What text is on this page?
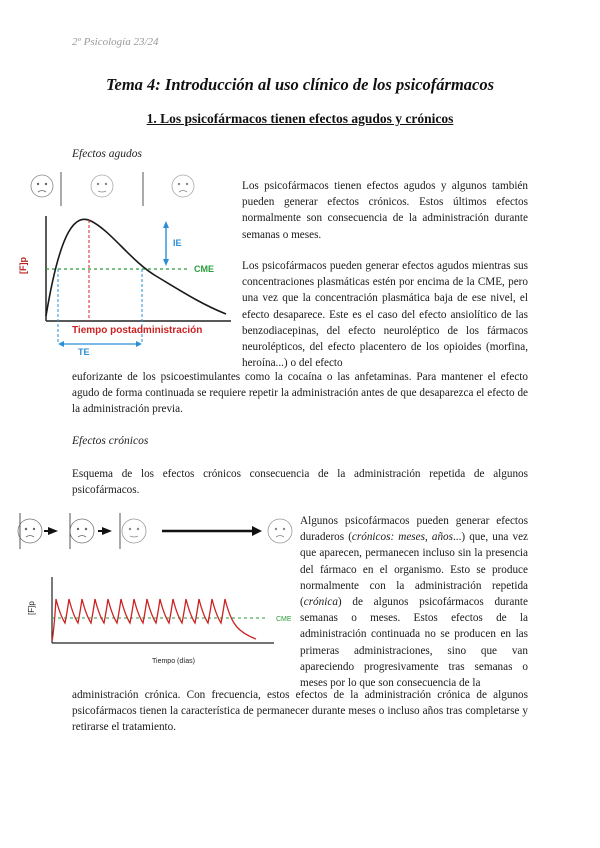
2º Psicología 23/24
Tema 4: Introducción al uso clínico de los psicofármacos
1. Los psicofármacos tienen efectos agudos y crónicos
Efectos agudos
IE
CME
[F]p
Tiempo postadministración
TE
Los psicofármacos tienen efectos agudos y algunos también pueden generar efectos crónicos. Estos últimos efectos normalmente son consecuencia de la administración durante semanas o meses.
Los psicofármacos pueden generar efectos agudos mientras sus concentraciones plasmáticas estén por encima de la CME, pero una vez que la concentración plasmática baja de ese nivel, el efecto desaparece. Este es el caso del efecto ansiolítico de las benzodiacepinas, del efecto neuroléptico de los fármacos neurolépticos, del efecto placentero de los opioides (morfina, heroína...) o del efecto
euforizante de los psicoestimulantes como la cocaína o las anfetaminas. Para mantener el efecto agudo de forma continuada se requiere repetir la administración antes de que desaparezca el efecto de la administración previa.
Efectos crónicos
Esquema de los efectos crónicos consecuencia de la administración repetida de algunos psicofármacos.
CME
[F]p
Tiempo (días)
Algunos psicofármacos pueden generar efectos duraderos (crónicos: meses, años...) que, una vez que aparecen, permanecen incluso sin la presencia del fármaco en el organismo. Esto se produce normalmente con la administración repetida (crónica) de algunos psicofármacos durante semanas o meses. Estos efectos de la administración continuada no se producen en las primeras administraciones, sino que van apareciendo progresivamente tras semanas o meses por lo que son consecuencia de la
administración crónica. Con frecuencia, estos efectos de la administración crónica de algunos psicofármacos tienen la característica de permanecer durante meses o incluso años tras completarse y retirarse el tratamiento.
